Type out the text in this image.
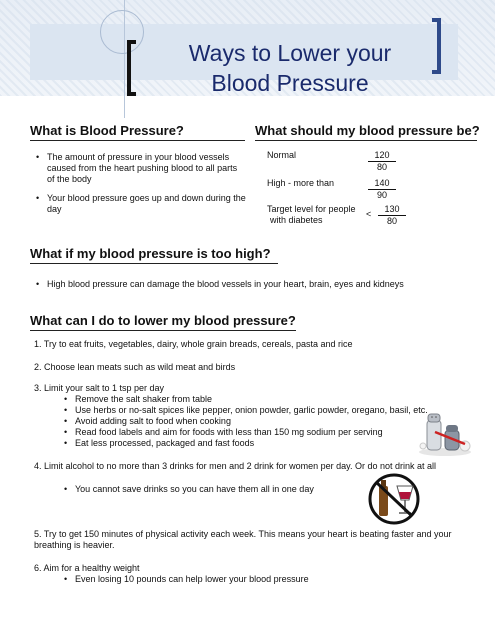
Ways to Lower your
Blood Pressure
What is Blood Pressure?
• The amount of pressure in your blood vessels caused from the heart pushing blood to all parts of the body
• Your blood pressure goes up and down during the day
What should my blood pressure be?
Normal	$\frac{120}{80}$
High - more than	$\frac{140}{90}$
Target level for people
with diabetes
< $\frac{130}{80}$
What if my blood pressure is too high?
• High blood pressure can damage the blood vessels in your heart, brain, eyes and kidneys
What can I do to lower my blood pressure?
1. Try to eat fruits, vegetables, dairy, whole grain breads, cereals, pasta and rice
2. Choose lean meats such as wild meat and birds
3. Limit your salt to 1 tsp per day
• Remove the salt shaker from table
• Use herbs or no-salt spices like pepper, onion powder, garlic powder, oregano, basil, etc.
• Avoid adding salt to food when cooking
• Read food labels and aim for foods with less than 150 mg sodium per serving
• Eat less processed, packaged and fast foods
4. Limit alcohol to no more than 3 drinks for men and 2 drink for women per day. Or do not drink at all
• You cannot save drinks so you can have them all in one day
5. Try to get 150 minutes of physical activity each week. This means your heart is beating faster and your breathing is heavier.
6. Aim for a healthy weight
• Even losing 10 pounds can help lower your blood pressure
